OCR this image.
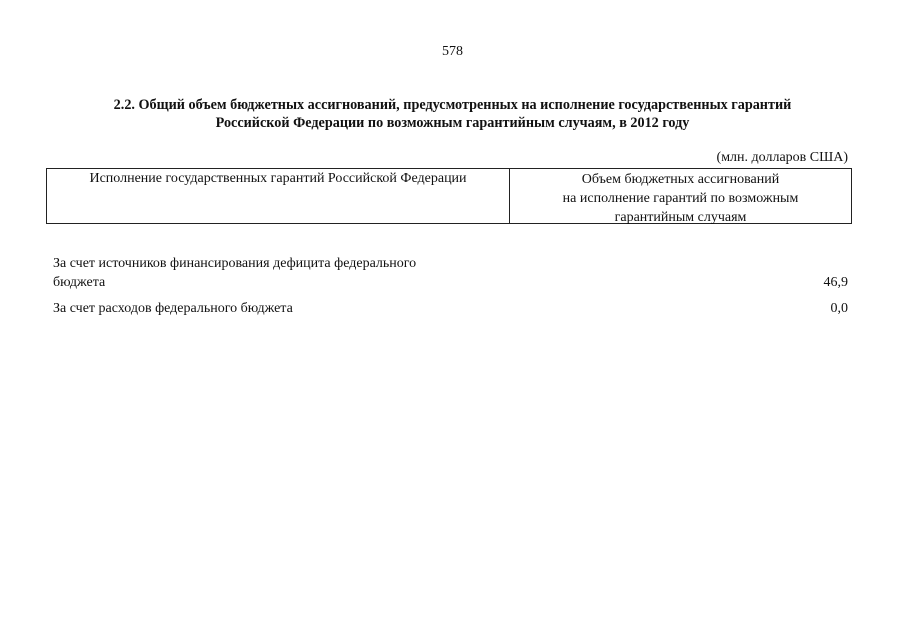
578
2.2. Общий объем бюджетных ассигнований, предусмотренных на исполнение государственных гарантий
Российской Федерации по возможным гарантийным случаям, в 2012 году
(млн. долларов США)
Исполнение государственных гарантий Российской Федерации	Объем бюджетных ассигнований
на исполнение гарантий по возможным
гарантийным случаям
За счет источников финансирования дефицита федерального
бюджета	46,9
За счет расходов федерального бюджета	0,0
